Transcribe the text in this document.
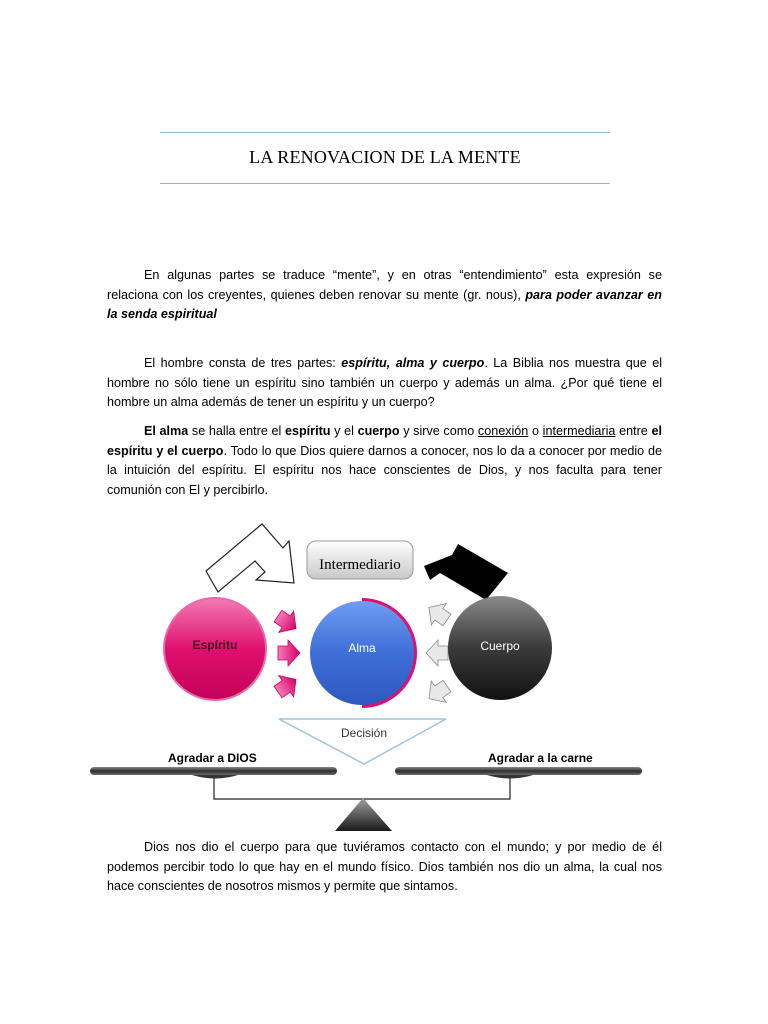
LA RENOVACION DE LA MENTE
En algunas partes se traduce “mente”, y en otras “entendimiento” esta expresión se relaciona con los creyentes, quienes deben renovar su mente (gr. nous), para poder avanzar en la senda espiritual
El hombre consta de tres partes: espíritu, alma y cuerpo. La Biblia nos muestra que el hombre no sólo tiene un espíritu sino también un cuerpo y además un alma. ¿Por qué tiene el hombre un alma además de tener un espíritu y un cuerpo?
El alma se halla entre el espíritu y el cuerpo y sirve como conexión o intermediaria entre el espíritu y el cuerpo. Todo lo que Dios quiere darnos a conocer, nos lo da a conocer por medio de la intuición del espíritu. El espíritu nos hace conscientes de Dios, y nos faculta para tener comunión con El y percibirlo.
Intermediario
Espíritu	Alma	Cuerpo
Decisión
Agradar a DIOS	Agradar a la carne
Dios nos dio el cuerpo para que tuviéramos contacto con el mundo; y por medio de él podemos percibir todo lo que hay en el mundo físico. Dios también nos dio un alma, la cual nos hace conscientes de nosotros mismos y permite que sintamos.
